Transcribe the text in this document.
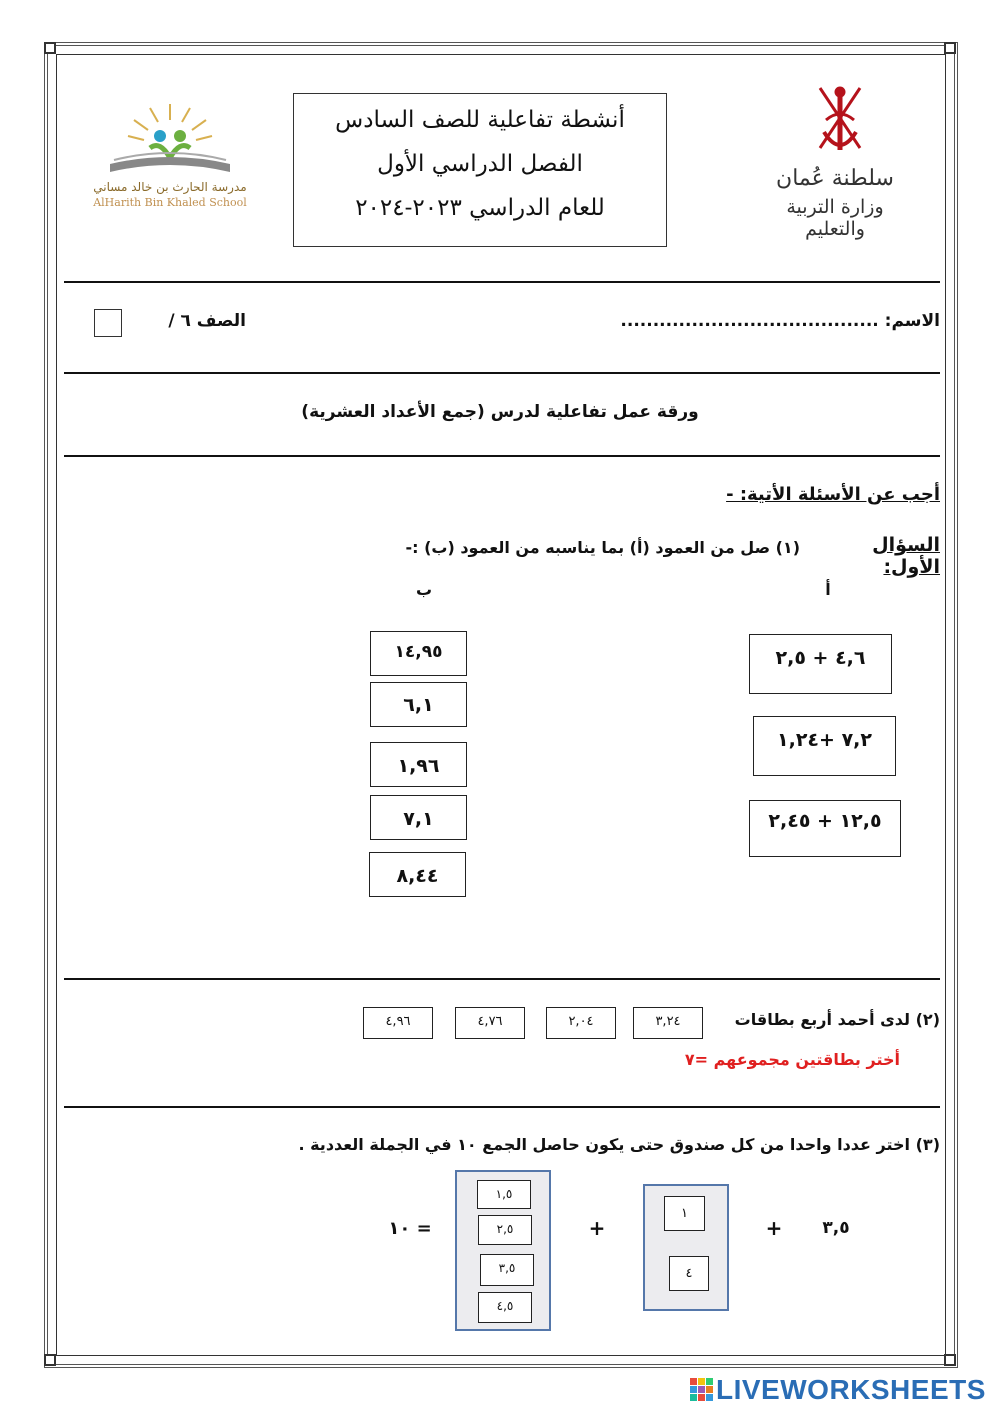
سلطنة عُمان
وزارة التربية والتعليم
مدرسة الحارث بن خالد مساني
AlHarith Bin Khaled School
أنشطة تفاعلية للصف السادس
الفصل الدراسي الأول
للعام الدراسي ٢٠٢٣-٢٠٢٤
الاسم: ........................................
الصف ٦ /
ورقة عمل تفاعلية لدرس (جمع الأعداد العشرية)
أجب عن الأسئلة الأتية: -
السؤال الأول:
(١) صل من العمود (أ) بما يناسبه من العمود (ب) :-
أ
ب
٤,٦ + ٢,٥
٧,٢ +١,٢٤
١٢,٥ + ٢,٤٥
١٤,٩٥
٦,١
١,٩٦
٧,١
٨,٤٤
(٢) لدى أحمد أربع بطاقات
٣,٢٤
٢,٠٤
٤,٧٦
٤,٩٦
أختر بطاقتين مجموعهم =٧
(٣) اختر عددا واحدا من كل صندوق حتى يكون حاصل الجمع ١٠ في الجملة العددية .
٣,٥
+
١
٤
+
١,٥
٢,٥
٣,٥
٤,٥
= ١٠
LIVEWORKSHEETS
